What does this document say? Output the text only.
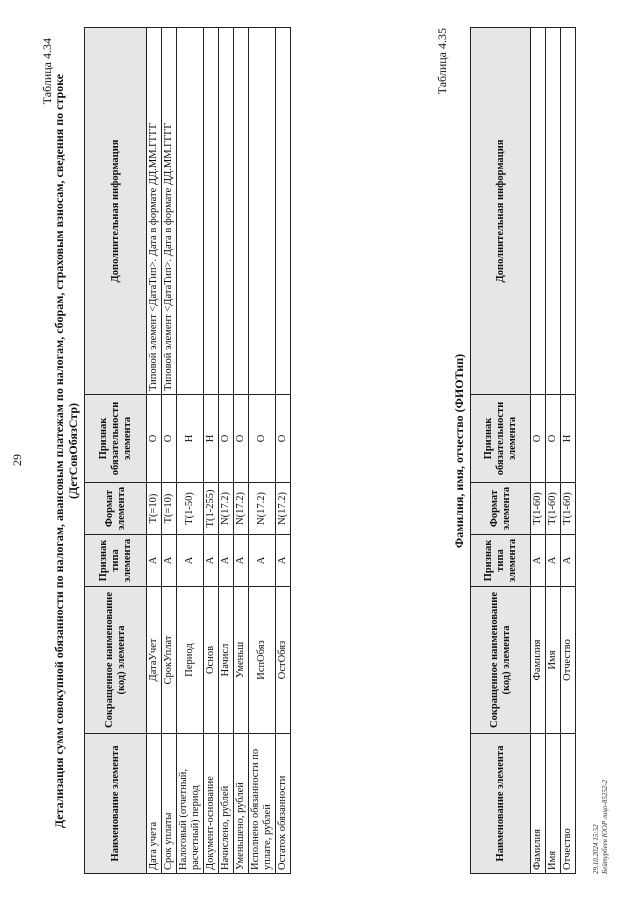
29
Таблица 4.34
Детализация сумм совокупной обязанности по налогам, авансовым платежам по налогам, сборам, страховым взносам, сведения по строке (ДетСовОбязСтр)
Наименование элемента	Сокращенное наименование (код) элемента	Признак типа элемента	Формат элемента	Признак обязательности элемента	Дополнительная информация
Дата учета	ДатаУчет	А	T(=10)	О	Типовой элемент <ДатаТип>. Дата в формате ДД.ММ.ГГГГ
Срок уплаты	СрокУплат	А	T(=10)	О	Типовой элемент <ДатаТип>. Дата в формате ДД.ММ.ГГГГ
Налоговый (отчетный, расчетный) период	Период	А	T(1-50)	Н	
Документ-основание	Основ	А	T(1-255)	Н	
Начислено, рублей	Начисл	А	N(17.2)	О	
Уменьшено, рублей	Уменьш	А	N(17.2)	О	
Исполнено обязанности по уплате, рублей	ИспОбяз	А	N(17.2)	О	
Остаток обязанности	ОстОбяз	А	N(17.2)	О	
Таблица 4.35
Фамилия, имя, отчество (ФИОТип)
Наименование элемента	Сокращенное наименование (код) элемента	Признак типа элемента	Формат элемента	Признак обязательности элемента	Дополнительная информация
Фамилия	Фамилия	А	T(1-60)	О	
Имя	Имя	А	T(1-60)	О	
Отчество	Отчество	А	T(1-60)	Н	
29.10.2024 15:52 Бейтурбеев ЮОР лицо-85252-2
